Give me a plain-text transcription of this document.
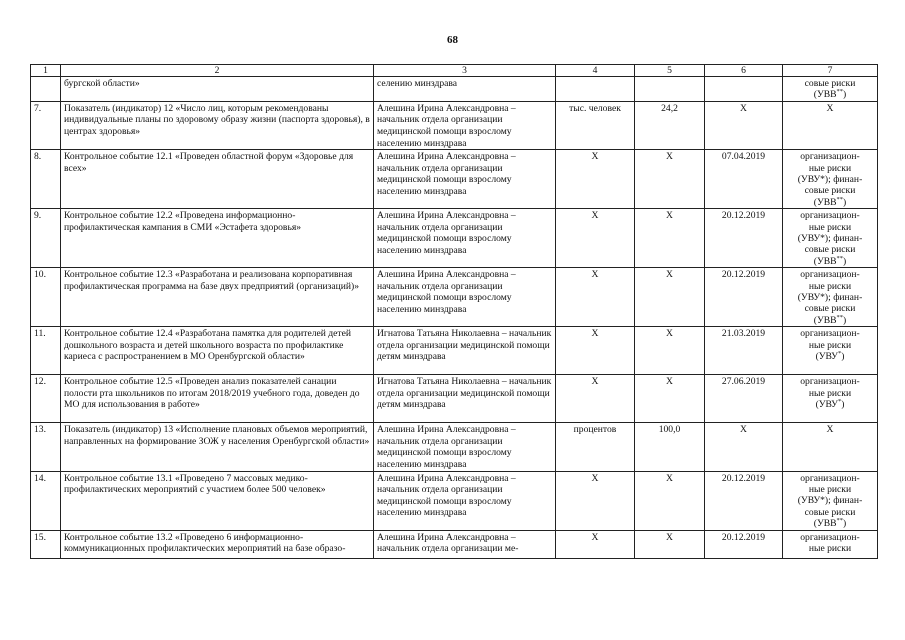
68
1	2	3	4	5	6	7
	бургской области»	селению минздрава				совые риски
(УВВ**)

7.	Показатель (индикатор) 12 «Число лиц, которым рекомендованы индивидуальные планы по здоровому образу жизни (паспорта здоровья), в центрах здоровья»	Алешина Ирина Александровна – начальник отдела организации медицинской помощи взрослому населению минздрава	тыс. человек	24,2	Х	Х

8.	Контрольное событие 12.1 «Проведен областной форум «Здоровье для всех»	Алешина Ирина Александровна – начальник отдела организации медицинской помощи взрослому населению минздрава	Х	Х	07.04.2019	организацион-
ные риски
(УВУ*); финан-
совые риски
(УВВ**)

9.	Контрольное событие 12.2 «Проведена информационно-профилактическая кампания в СМИ «Эстафета здоровья»	Алешина Ирина Александровна – начальник отдела организации медицинской помощи взрослому населению минздрава	Х	Х	20.12.2019	организацион-
ные риски
(УВУ*); финан-
совые риски
(УВВ**)

10.	Контрольное событие 12.3 «Разработана и реализована корпоративная профилактическая программа на базе двух предприятий (организаций)»	Алешина Ирина Александровна – начальник отдела организации медицинской помощи взрослому населению минздрава	Х	Х	20.12.2019	организацион-
ные риски
(УВУ*); финан-
совые риски
(УВВ**)

11.	Контрольное событие 12.4 «Разработана памятка для родителей детей дошкольного возраста и детей школьного возраста по профилактике кариеса с распространением в МО Оренбургской области»	Игнатова Татьяна Николаевна – начальник отдела организации медицинской помощи детям минздрава	Х	Х	21.03.2019	организацион-
ные риски
(УВУ*)

12.	Контрольное событие 12.5 «Проведен анализ показателей санации полости рта школьников по итогам 2018/2019 учебного года, доведен до МО для использования в работе»	Игнатова Татьяна Николаевна – начальник отдела организации медицинской помощи детям минздрава	Х	Х	27.06.2019	организацион-
ные риски
(УВУ*)

13.	Показатель (индикатор) 13 «Исполнение плановых объемов мероприятий, направленных на формирование ЗОЖ у населения Оренбургской области»	Алешина Ирина Александровна – начальник отдела организации медицинской помощи взрослому населению минздрава	процентов	100,0	Х	Х

14.	Контрольное событие 13.1 «Проведено 7 массовых медико-профилактических мероприятий с участием более 500 человек»	Алешина Ирина Александровна – начальник отдела организации медицинской помощи взрослому населению минздрава	Х	Х	20.12.2019	организацион-
ные риски
(УВУ*); финан-
совые риски
(УВВ**)

15.	Контрольное событие 13.2 «Проведено 6 информационно-коммуникационных профилактических мероприятий на базе образо-	Алешина Ирина Александровна – начальник отдела организации ме-	Х	Х	20.12.2019	организацион-
ные риски
